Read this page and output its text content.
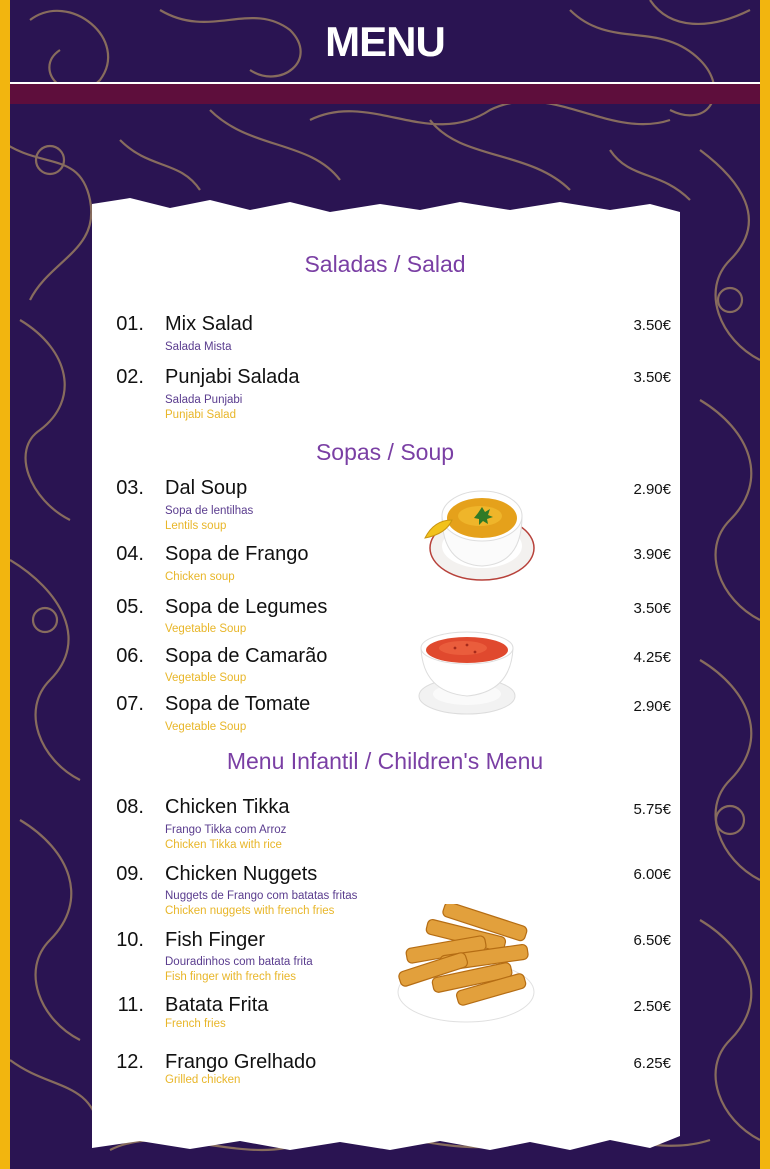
MENU
Saladas / Salad
Sopas / Soup
Menu Infantil / Children's Menu
01. Mix Salad
Salada Mista
3.50€
02. Punjabi Salada
Salada Punjabi
Punjabi Salad
3.50€
03. Dal Soup
Sopa de lentilhas
Lentils soup
2.90€
04. Sopa de Frango
Chicken soup
3.90€
05. Sopa de Legumes
Vegetable Soup
3.50€
06. Sopa de Camarão
Vegetable Soup
4.25€
07. Sopa de Tomate
Vegetable Soup
2.90€
08. Chicken Tikka
Frango Tikka com Arroz
Chicken Tikka with rice
5.75€
09. Chicken Nuggets
Nuggets de Frango com batatas fritas
Chicken nuggets with french fries
6.00€
10. Fish Finger
Douradinhos com batata frita
Fish finger with frech fries
6.50€
11. Batata Frita
French fries
2.50€
12. Frango Grelhado
Grilled chicken
6.25€
